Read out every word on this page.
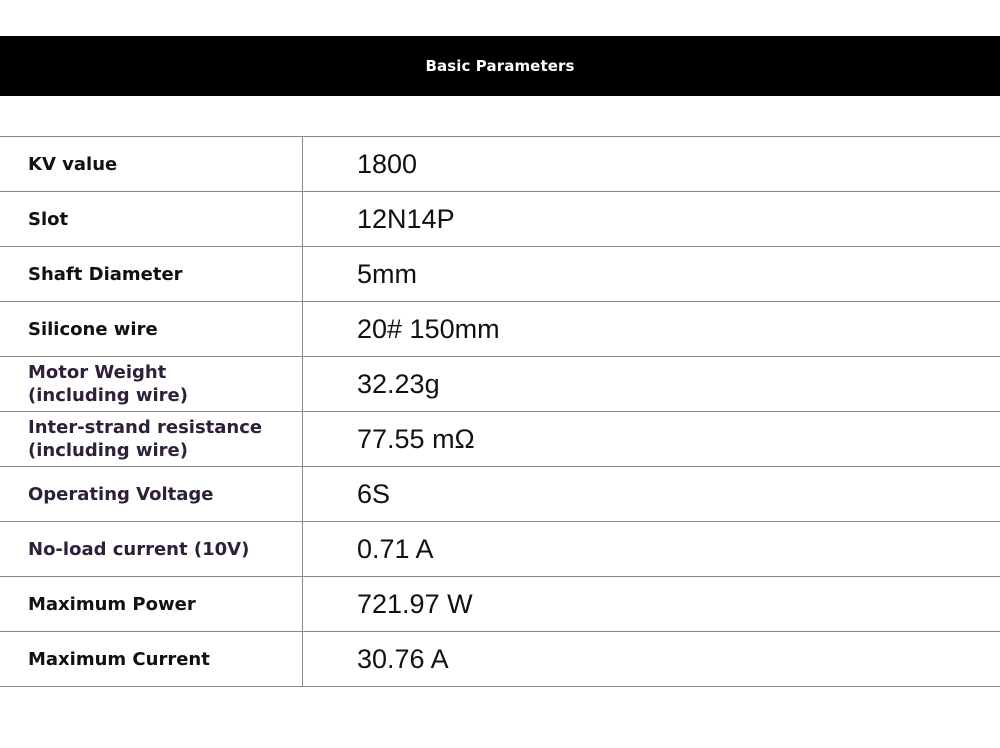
Basic Parameters
KV value	1800
Slot	12N14P
Shaft Diameter	5mm
Silicone wire	20# 150mm
Motor Weight
(including wire)	32.23g
Inter-strand resistance
(including wire)	77.55 mΩ
Operating Voltage	6S
No-load current (10V)	0.71 A
Maximum Power	721.97 W
Maximum Current	30.76 A
